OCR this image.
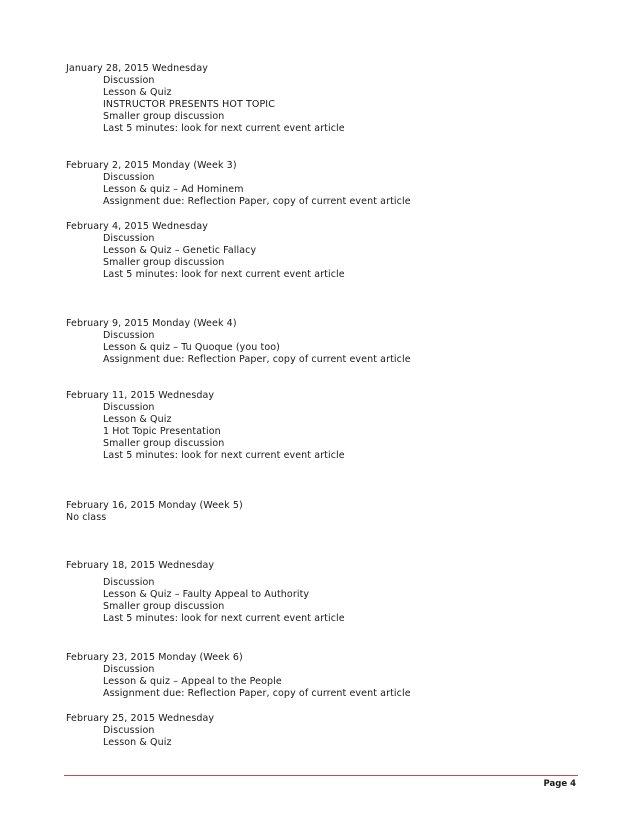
January 28, 2015 Wednesday
Discussion
Lesson & Quiz
INSTRUCTOR PRESENTS HOT TOPIC
Smaller group discussion
Last 5 minutes: look for next current event article
February 2, 2015 Monday (Week 3)
Discussion
Lesson & quiz – Ad Hominem
Assignment due: Reflection Paper, copy of current event article
February 4, 2015 Wednesday
Discussion
Lesson & Quiz – Genetic Fallacy
Smaller group discussion
Last 5 minutes: look for next current event article
February 9, 2015 Monday (Week 4)
Discussion
Lesson & quiz – Tu Quoque (you too)
Assignment due: Reflection Paper, copy of current event article
February 11, 2015 Wednesday
Discussion
Lesson & Quiz
1 Hot Topic Presentation
Smaller group discussion
Last 5 minutes: look for next current event article
February 16, 2015 Monday (Week 5)
No class
February 18, 2015 Wednesday
Discussion
Lesson & Quiz – Faulty Appeal to Authority
Smaller group discussion
Last 5 minutes: look for next current event article
February 23, 2015 Monday (Week 6)
Discussion
Lesson & quiz – Appeal to the People
Assignment due: Reflection Paper, copy of current event article
February 25, 2015 Wednesday
Discussion
Lesson & Quiz
Page 4
